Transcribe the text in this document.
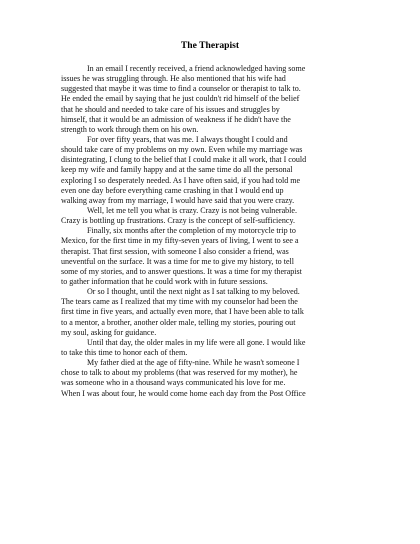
The Therapist
In an email I recently received, a friend acknowledged having some
issues he was struggling through. He also mentioned that his wife had
suggested that maybe it was time to find a counselor or therapist to talk to.
He ended the email by saying that he just couldn't rid himself of the belief
that he should and needed to take care of his issues and struggles by
himself, that it would be an admission of weakness if he didn't have the
strength to work through them on his own.
For over fifty years, that was me. I always thought I could and
should take care of my problems on my own. Even while my marriage was
disintegrating, I clung to the belief that I could make it all work, that I could
keep my wife and family happy and at the same time do all the personal
exploring I so desperately needed. As I have often said, if you had told me
even one day before everything came crashing in that I would end up
walking away from my marriage, I would have said that you were crazy.
Well, let me tell you what is crazy. Crazy is not being vulnerable.
Crazy is bottling up frustrations. Crazy is the concept of self-sufficiency.
Finally, six months after the completion of my motorcycle trip to
Mexico, for the first time in my fifty-seven years of living, I went to see a
therapist. That first session, with someone I also consider a friend, was
uneventful on the surface. It was a time for me to give my history, to tell
some of my stories, and to answer questions. It was a time for my therapist
to gather information that he could work with in future sessions.
Or so I thought, until the next night as I sat talking to my beloved.
The tears came as I realized that my time with my counselor had been the
first time in five years, and actually even more, that I have been able to talk
to a mentor, a brother, another older male, telling my stories, pouring out
my soul, asking for guidance.
Until that day, the older males in my life were all gone. I would like
to take this time to honor each of them.
My father died at the age of fifty-nine. While he wasn't someone I
chose to talk to about my problems (that was reserved for my mother), he
was someone who in a thousand ways communicated his love for me.
When I was about four, he would come home each day from the Post Office
